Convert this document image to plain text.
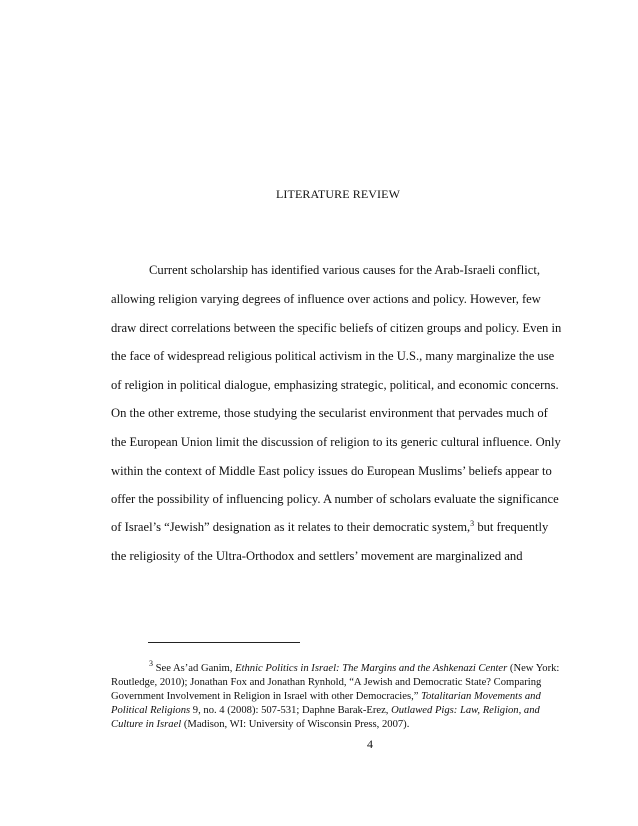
LITERATURE REVIEW
Current scholarship has identified various causes for the Arab-Israeli conflict,
allowing religion varying degrees of influence over actions and policy. However, few
draw direct correlations between the specific beliefs of citizen groups and policy. Even in
the face of widespread religious political activism in the U.S., many marginalize the use
of religion in political dialogue, emphasizing strategic, political, and economic concerns.
On the other extreme, those studying the secularist environment that pervades much of
the European Union limit the discussion of religion to its generic cultural influence. Only
within the context of Middle East policy issues do European Muslims’ beliefs appear to
offer the possibility of influencing policy. A number of scholars evaluate the significance
of Israel’s “Jewish” designation as it relates to their democratic system,$^3$ but frequently
the religiosity of the Ultra-Orthodox and settlers’ movement are marginalized and
$^3$ See As’ad Ganim, Ethnic Politics in Israel: The Margins and the Ashkenazi Center (New York:
Routledge, 2010); Jonathan Fox and Jonathan Rynhold, “A Jewish and Democratic State? Comparing
Government Involvement in Religion in Israel with other Democracies,” Totalitarian Movements and
Political Religions 9, no. 4 (2008): 507-531; Daphne Barak-Erez, Outlawed Pigs: Law, Religion, and
Culture in Israel (Madison, WI: University of Wisconsin Press, 2007).
4
